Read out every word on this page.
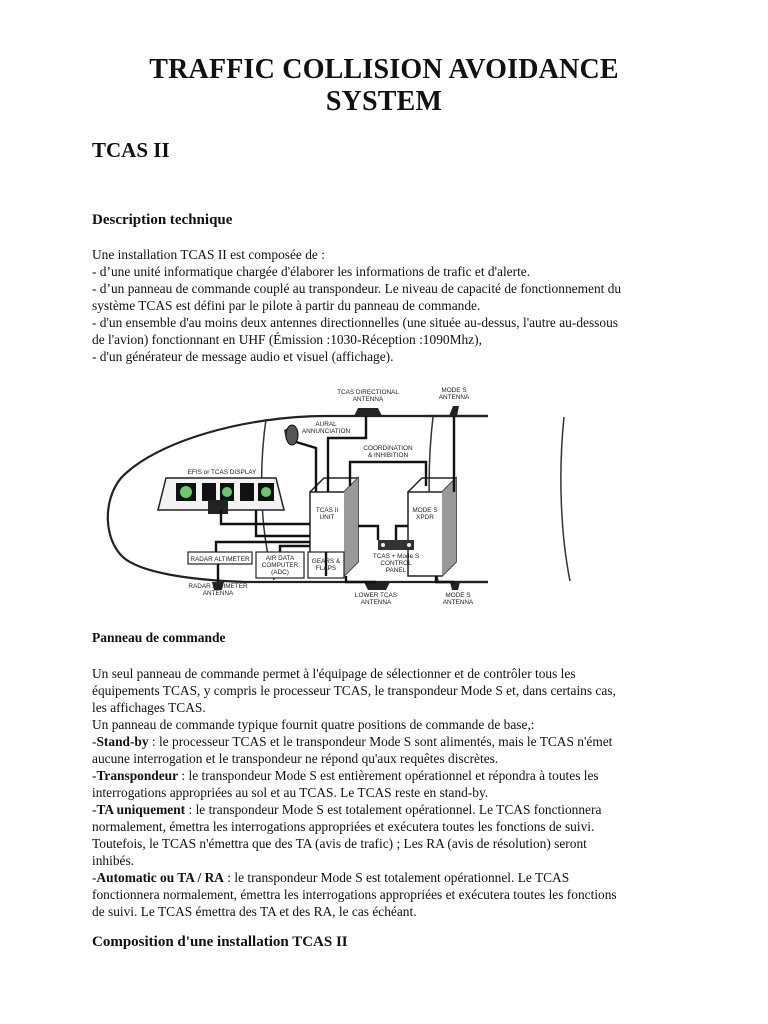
TRAFFIC COLLISION AVOIDANCE
SYSTEM
TCAS II
Description technique
Une installation TCAS II est composée de :
- d’une unité informatique chargée d'élaborer les informations de trafic et d'alerte.
- d’un panneau de commande couplé au transpondeur. Le niveau de capacité de fonctionnement du
système TCAS est défini par le pilote à partir du panneau de commande.
- d'un ensemble d'au moins deux antennes directionnelles (une située au-dessus, l'autre au-dessous
de l'avion) fonctionnant en UHF (Émission :1030-Réception :1090Mhz),
- d'un générateur de message audio et visuel (affichage).
TCAS DIRECTIONAL ANTENNA
MODE S ANTENNA
AURAL ANNUNCIATION
COORDINATION & INHIBITION
EFIS or TCAS DISPLAY
TCAS II UNIT
MODE S XPDR
RADAR ALTIMETER	AIR DATA COMPUTER (ADC)
GEARS & FLAPS
TCAS + Mode S CONTROL PANEL
RADAR ALTIMETER ANTENNA	LOWER TCAS ANTENNA
MODE S ANTENNA
Panneau de commande
Un seul panneau de commande permet à l'équipage de sélectionner et de contrôler tous les
équipements TCAS, y compris le processeur TCAS, le transpondeur Mode S et, dans certains cas,
les affichages TCAS.
Un panneau de commande typique fournit quatre positions de commande de base,:
-Stand-by : le processeur TCAS et le transpondeur Mode S sont alimentés, mais le TCAS n'émet
aucune interrogation et le transpondeur ne répond qu'aux requêtes discrètes.
-Transpondeur : le transpondeur Mode S est entièrement opérationnel et répondra à toutes les
interrogations appropriées au sol et au TCAS. Le TCAS reste en stand-by.
-TA uniquement : le transpondeur Mode S est totalement opérationnel. Le TCAS fonctionnera
normalement, émettra les interrogations appropriées et exécutera toutes les fonctions de suivi.
Toutefois, le TCAS n'émettra que des TA (avis de trafic) ; Les RA (avis de résolution) seront
inhibés.
-Automatic ou TA / RA : le transpondeur Mode S est totalement opérationnel. Le TCAS
fonctionnera normalement, émettra les interrogations appropriées et exécutera toutes les fonctions
de suivi. Le TCAS émettra des TA et des RA, le cas échéant.
Composition d'une installation TCAS II
